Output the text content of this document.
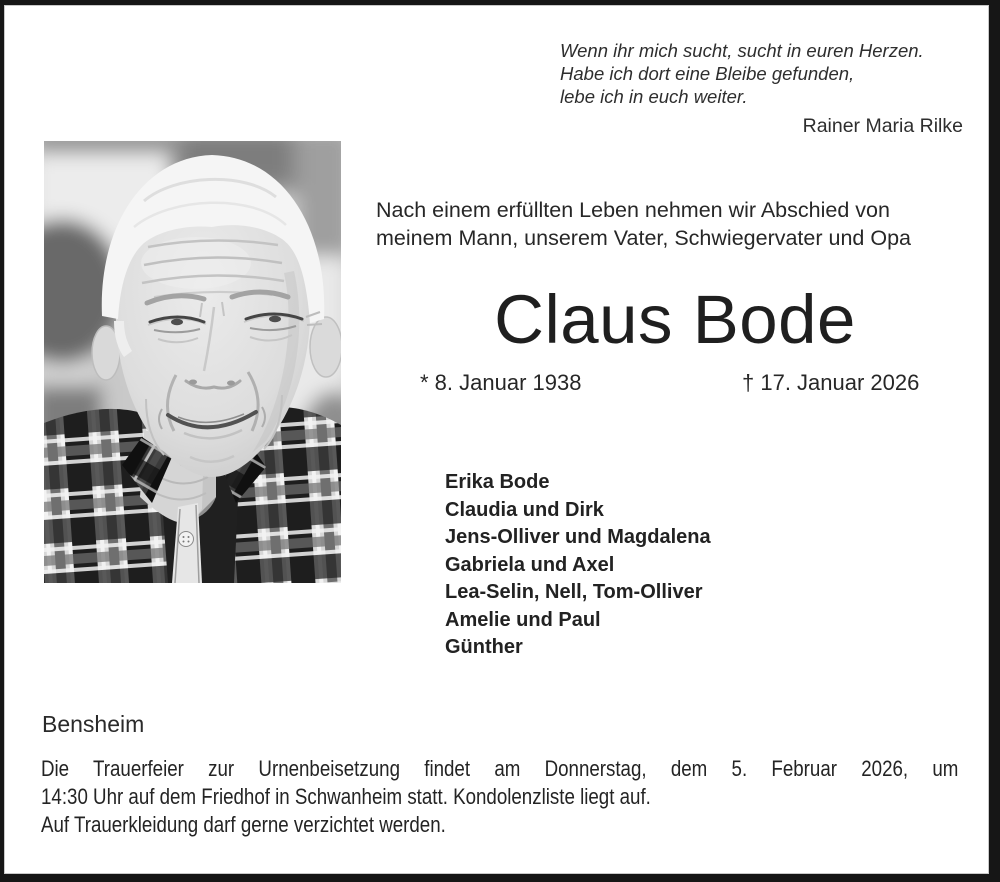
Wenn ihr mich sucht, sucht in euren Herzen.
Habe ich dort eine Bleibe gefunden,
lebe ich in euch weiter.
Rainer Maria Rilke
Nach einem erfüllten Leben nehmen wir Abschied von
meinem Mann, unserem Vater, Schwiegervater und Opa
Claus Bode
* 8. Januar 1938	† 17. Januar 2026
Erika Bode
Claudia und Dirk
Jens-Olliver und Magdalena
Gabriela und Axel
Lea-Selin, Nell, Tom-Olliver
Amelie und Paul
Günther
Bensheim
Die Trauerfeier zur Urnenbeisetzung findet am Donnerstag, dem 5. Februar 2026, um
14:30 Uhr auf dem Friedhof in Schwanheim statt. Kondolenzliste liegt auf.
Auf Trauerkleidung darf gerne verzichtet werden.
